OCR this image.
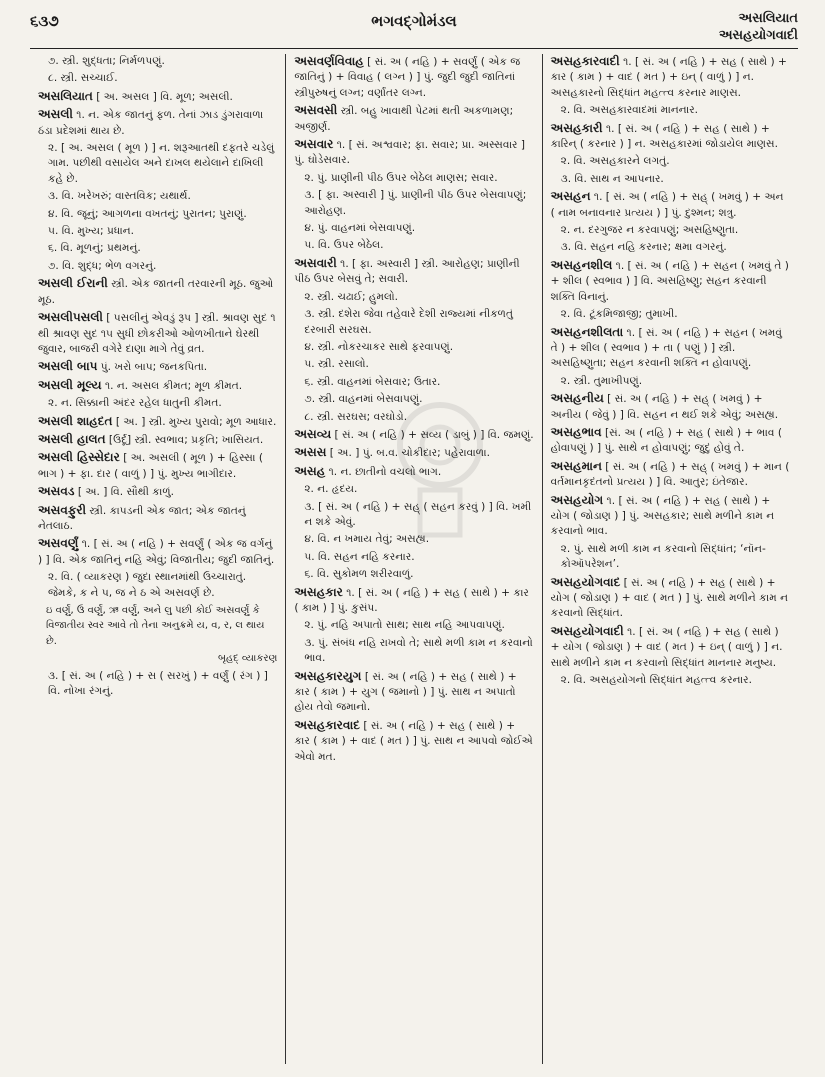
૬૩૭	ભગવદ્ગોમંડલ	અસલિયાત
અસહયોગવાદી
૭. સ્ત્રી. શુદ્ધતા; નિર્મળપણું.
૮. સ્ત્રી. સચ્ચાઈ.
અસલિયાત [ અ. અસલ ] વિ. મૂળ; અસલી.
અસલી ૧. ન. એક જાતનું ફળ. તેનાં ઝાડ ડુંગરાવાળા ઠંડા પ્રદેશમાં થાય છે.
૨. [ અ. અસલ ( મૂળ ) ] ન. શરૂઆતથી દફતરે ચડેલું ગામ. પછીથી વસાયેલ અને દાખલ થયેલાને દાખિલી કહે છે.
૩. વિ. ખરેખરું; વાસ્તવિક; યથાર્થ.
૪. વિ. જૂનું; આગળના વખતનું; પુરાતન; પુરાણું.
૫. વિ. મુખ્ય; પ્રધાન.
૬. વિ. મૂળનું; પ્રથમનું.
૭. વિ. શુદ્ધ; ભેળ વગરનું.
અસલી ઈરાની સ્ત્રી. એક જાતની તરવારની મૂઠ. જુઓ મૂઠ.
અસલીપસલી [ પસલીનું એવડું રૂપ ] સ્ત્રી. શ્રાવણ સુદ ૧ થી શ્રાવણ સુદ ૧૫ સુધી છોકરીઓ ઓળખીતાને ઘેરથી જુવાર, બાજરી વગેરે દાણા માગે તેવું વ્રત.
અસલી બાપ પું. ખરો બાપ; જનકપિતા.
અસલી મૂલ્ય ૧. ન. અસલ કીમત; મૂળ કીમત.
૨. ન. સિક્કાની અંદર રહેલ ધાતુની કીમત.
અસલી શાહદત [ અ. ] સ્ત્રી. મુખ્ય પુરાવો; મૂળ આધાર.
અસલી હાલત [ઉર્દૂ] સ્ત્રી. સ્વભાવ; પ્રકૃતિ; ખાસિયત.
અસલી હિસ્સેદાર [ અ. અસલી ( મૂળ ) + હિસ્સા ( ભાગ ) + ફા. દાર ( વાળું ) ] પું. મુખ્ય ભાગીદાર.
અસવડ [ અ. ] વિ. સૌથી કાળું.
અસવફુરી સ્ત્રી. કાપડની એક જાત; એક જાતનું નેતલાઠ.
અસવર્ણું ૧. [ સં. અ ( નહિ ) + સવર્ણું ( એક જ વર્ગનું ) ] વિ. એક જાતિનું નહિ એવું; વિજાતીય; જુદી જાતિનું.
૨. વિ. ( વ્યાકરણ ) જુદા સ્થાનમાંથી ઉચ્ચારાતું. જેમકે, ક ને પ, જ ને ઠ એ અસવર્ણ છે.
ઇ વર્ણું, ઉ વર્ણું, ઋ વર્ણું, અને લુ પછી કોઈ અસવર્ણું કે વિજાતીય સ્વર આવે તો તેના અનુક્રમે ય, વ, ર, લ થાય છે.
બૃહદ્ વ્યાકરણ
૩. [ સં. અ ( નહિ ) + સ ( સરખું ) + વર્ણું ( રંગ ) ] વિ. નોખા રંગનું.
અસવર્ણવિવાહ [ સં. અ ( નહિ ) + સવર્ણું ( એક જ જાતિનું ) + વિવાહ ( લગ્ન ) ] પું. જુદી જુદી જાતિનાં સ્ત્રીપુરુષનું લગ્ન; વર્ણાંતર લગ્ન.
અસવસી સ્ત્રી. બહુ ખાવાથી પેટમાં થતી અકળામણ; અજીર્ણ.
અસવાર ૧. [ સં. અશ્વવાર; ફા. સવાર; પ્રા. અસ્સવાર ] પું. ઘોડેસવાર.
૨. પું. પ્રાણીની પીઠ ઉપર બેઠેલ માણસ; સવાર.
૩. [ ફા. અસ્વારી ] પું. પ્રાણીની પીઠ ઉપર બેસવાપણું; આરોહણ.
૪. પું. વાહનમાં બેસવાપણું.
૫. વિ. ઉપર બેઠેલ.
અસવારી ૧. [ ફા. અસ્વારી ] સ્ત્રી. આરોહણ; પ્રાણીની પીઠ ઉપર બેસવું તે; સવારી.
૨. સ્ત્રી. ચઢાઈ; હુમલો.
૩. સ્ત્રી. દશેરા જેવા તહેવારે દેશી રાજ્યમાં નીકળતું દરબારી સરઘસ.
૪. સ્ત્રી. નોકરચાકર સાથે ફરવાપણું.
૫. સ્ત્રી. રસાલો.
૬. સ્ત્રી. વાહનમાં બેસવાર; ઉતાર.
૭. સ્ત્રી. વાહનમાં બેસવાપણું.
૮. સ્ત્રી. સરઘસ; વરઘોડો.
અસવ્ય [ સં. અ ( નહિ ) + સવ્ય ( ડાબું ) ] વિ. જમણું.
અસસ [ અ. ] પું. બ.વ. ચોકીદાર; પહેરાવાળા.
અસહ ૧. ન. છાતીનો વચલો ભાગ.
૨. ન. હૃદય.
૩. [ સં. અ ( નહિ ) + સહ્ ( સહન કરવું ) ] વિ. ખમી ન શકે એવું.
૪. વિ. ન ખમાય તેવું; અસહ્ય.
૫. વિ. સહન નહિ કરનાર.
૬. વિ. સુકોમળ શરીરવાળું.
અસહકાર ૧. [ સં. અ ( નહિ ) + સહ ( સાથે ) + કાર ( કામ ) ] પું. કુસંપ.
૨. પું. નહિ અપાતો સાથ; સાથ નહિ આપવાપણું.
૩. પું. સંબંધ નહિ રાખવો તે; સાથે મળી કામ ન કરવાનો ભાવ.
અસહકારયુગ [ સં. અ ( નહિ ) + સહ ( સાથે ) + કાર ( કામ ) + યુગ ( જમાનો ) ] પું. સાથ ન અપાતો હોય તેવો જમાનો.
અસહકારવાદ [ સં. અ ( નહિ ) + સહ ( સાથે ) + કાર ( કામ ) + વાદ ( મત ) ] પું. સાથ ન આપવો જોઈએ એવો મત.
અસહકારવાદી ૧. [ સં. અ ( નહિ ) + સહ ( સાથે ) + કાર ( કામ ) + વાદ ( મત ) + ઇન્ ( વાળું ) ] ન. અસહકારનો સિદ્ધાંત મહત્ત્વ કરનાર માણસ.
૨. વિ. અસહકારવાદમાં માનનાર.
અસહકારી ૧. [ સં. અ ( નહિ ) + સહ ( સાથે ) + કારિન્ ( કરનાર ) ] ન. અસહકારમાં જોડાયેલ માણસ.
૨. વિ. અસહકારને લગતું.
૩. વિ. સાથ ન આપનાર.
અસહન ૧. [ સં. અ ( નહિ ) + સહ્ ( ખમવું ) + અન ( નામ બનાવનાર પ્રત્યય ) ] પું. દુશ્મન; શત્રુ.
૨. ન. દરગુજર ન કરવાપણું; અસહિષ્ણુતા.
૩. વિ. સહન નહિ કરનાર; ક્ષમા વગરનું.
અસહનશીલ ૧. [ સં. અ ( નહિ ) + સહન ( ખમવું તે ) + શીલ ( સ્વભાવ ) ] વિ. અસહિષ્ણુ; સહન કરવાની શક્તિ વિનાનું.
૨. વિ. ટૂંકમિજાજી; તુમાખી.
અસહનશીલતા ૧. [ સં. અ ( નહિ ) + સહન ( ખમવું તે ) + શીલ ( સ્વભાવ ) + તા ( પણું ) ] સ્ત્રી. અસહિષ્ણુતા; સહન કરવાની શક્તિ ન હોવાપણું.
૨. સ્ત્રી. તુમાખીપણું.
અસહનીય [ સં. અ ( નહિ ) + સહ્ ( ખમવું ) + અનીય ( જેવું ) ] વિ. સહન ન થઈ શકે એવું; અસહ્ય.
અસહભાવ [સં. અ ( નહિ ) + સહ ( સાથે ) + ભાવ ( હોવાપણું ) ] પું. સાથે ન હોવાપણું; જુદું હોવું તે.
અસહમાન [ સં. અ ( નહિ ) + સહ્ ( ખમવું ) + માન ( વર્તમાનકૃદંતનો પ્રત્યય ) ] વિ. આતુર; ઇંતેજાર.
અસહયોગ ૧. [ સં. અ ( નહિ ) + સહ ( સાથે ) + યોગ ( જોડાણ ) ] પું. અસહકાર; સાથે મળીને કામ ન કરવાનો ભાવ.
૨. પું. સાથે મળી કામ ન કરવાનો સિદ્ધાંત; ‘નૉન-કોઑપરેશન’.
અસહયોગવાદ [ સં. અ ( નહિ ) + સહ ( સાથે ) + યોગ ( જોડાણ ) + વાદ ( મત ) ] પું. સાથે મળીને કામ ન કરવાનો સિદ્ધાંત.
અસહયોગવાદી ૧. [ સં. અ ( નહિ ) + સહ ( સાથે ) + યોગ ( જોડાણ ) + વાદ ( મત ) + ઇન્ ( વાળું ) ] ન. સાથે મળીને કામ ન કરવાનો સિદ્ધાંત માનનાર મનુષ્ય.
૨. વિ. અસહયોગનો સિદ્ધાંત મહત્ત્વ કરનાર.
